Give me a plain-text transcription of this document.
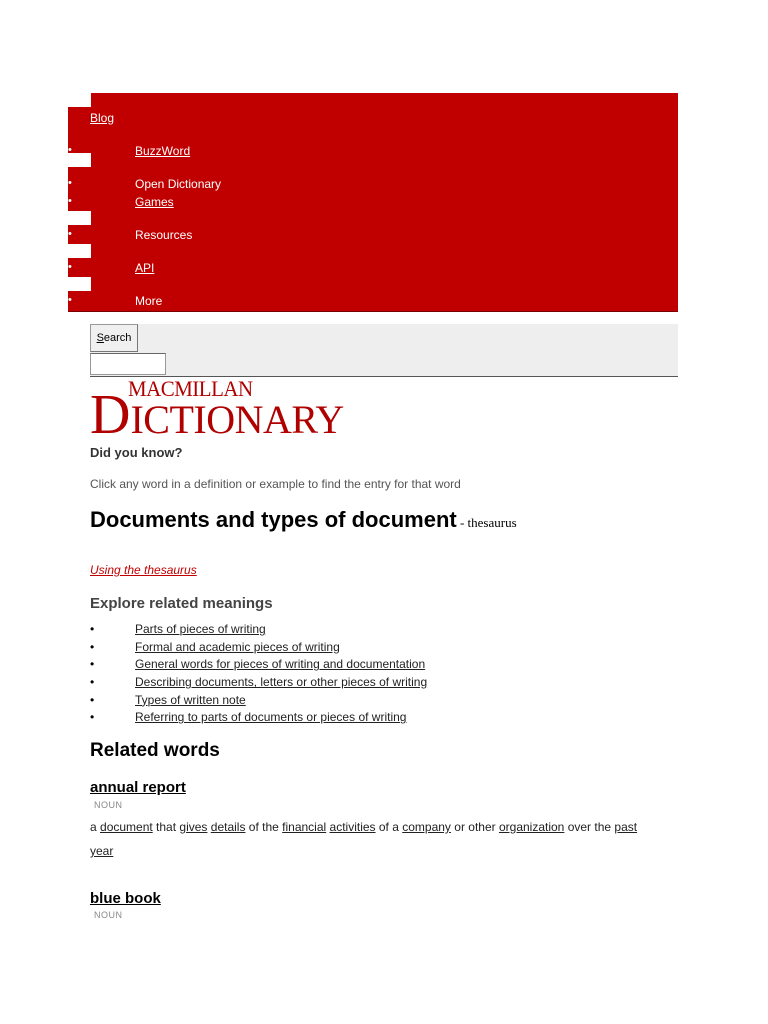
•
Blog
•	BuzzWord
•	Open Dictionary
•	Games
•	Resources
•	API
•	More
Search
MACMILLAN
DICTIONARY
Did you know?
Click any word in a definition or example to find the entry for that word
Documents and types of document - thesaurus
Using the thesaurus
Explore related meanings
•	Parts of pieces of writing
•	Formal and academic pieces of writing
•	General words for pieces of writing and documentation
•	Describing documents, letters or other pieces of writing
•	Types of written note
•	Referring to parts of documents or pieces of writing
Related words
annual report
NOUN
a document that gives details of the financial activities of a company or other organization over the past year
blue book
NOUN
